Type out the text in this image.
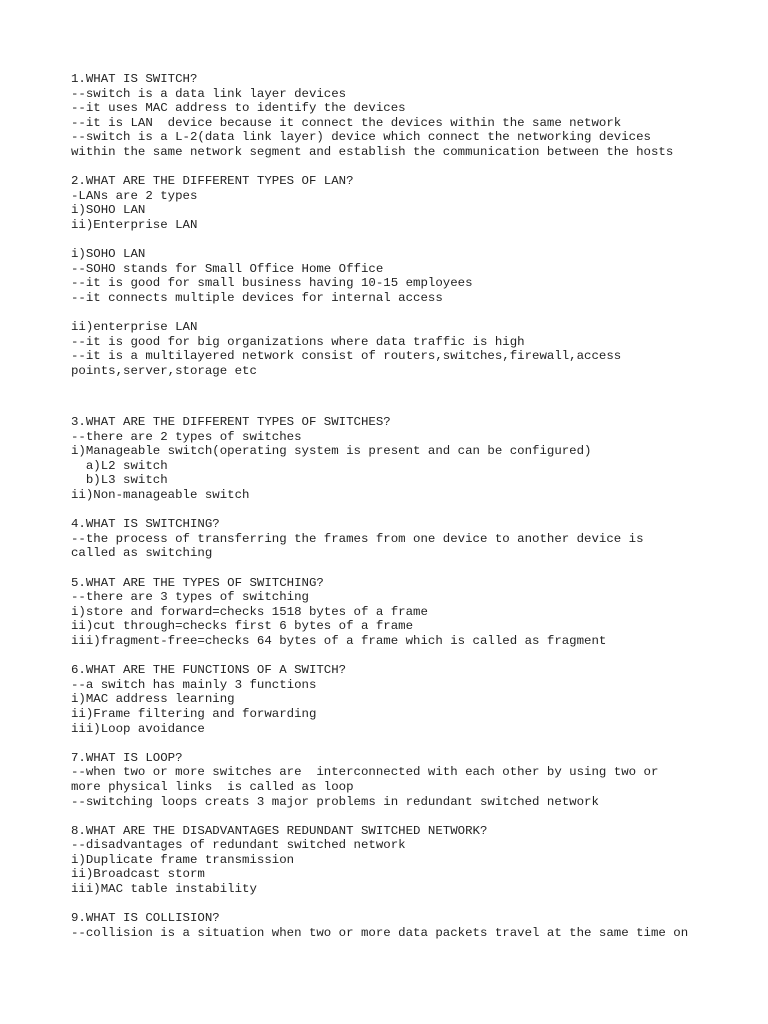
1.WHAT IS SWITCH?
--switch is a data link layer devices
--it uses MAC address to identify the devices
--it is LAN  device because it connect the devices within the same network
--switch is a L-2(data link layer) device which connect the networking devices
within the same network segment and establish the communication between the hosts
2.WHAT ARE THE DIFFERENT TYPES OF LAN?
-LANs are 2 types
i)SOHO LAN
ii)Enterprise LAN
i)SOHO LAN
--SOHO stands for Small Office Home Office
--it is good for small business having 10-15 employees
--it connects multiple devices for internal access
ii)enterprise LAN
--it is good for big organizations where data traffic is high
--it is a multilayered network consist of routers,switches,firewall,access
points,server,storage etc
3.WHAT ARE THE DIFFERENT TYPES OF SWITCHES?
--there are 2 types of switches
i)Manageable switch(operating system is present and can be configured)
a)L2 switch
b)L3 switch
ii)Non-manageable switch
4.WHAT IS SWITCHING?
--the process of transferring the frames from one device to another device is
called as switching
5.WHAT ARE THE TYPES OF SWITCHING?
--there are 3 types of switching
i)store and forward=checks 1518 bytes of a frame
ii)cut through=checks first 6 bytes of a frame
iii)fragment-free=checks 64 bytes of a frame which is called as fragment
6.WHAT ARE THE FUNCTIONS OF A SWITCH?
--a switch has mainly 3 functions
i)MAC address learning
ii)Frame filtering and forwarding
iii)Loop avoidance
7.WHAT IS LOOP?
--when two or more switches are  interconnected with each other by using two or
more physical links  is called as loop
--switching loops creats 3 major problems in redundant switched network
8.WHAT ARE THE DISADVANTAGES REDUNDANT SWITCHED NETWORK?
--disadvantages of redundant switched network
i)Duplicate frame transmission
ii)Broadcast storm
iii)MAC table instability
9.WHAT IS COLLISION?
--collision is a situation when two or more data packets travel at the same time on
